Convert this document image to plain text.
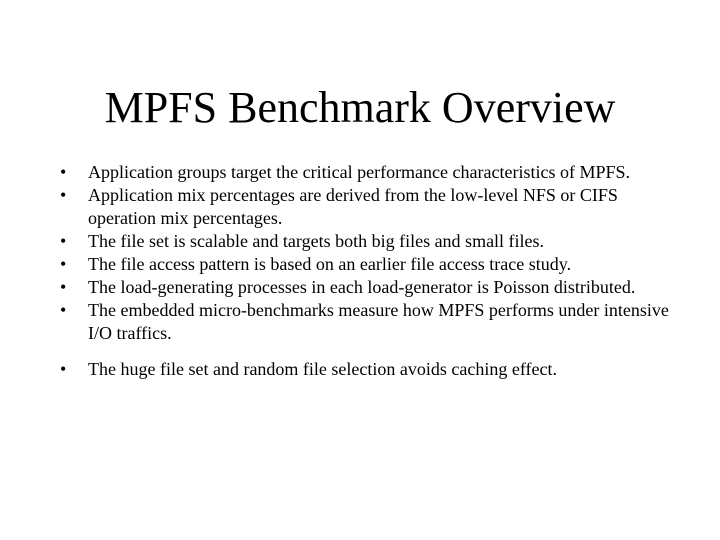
MPFS Benchmark Overview
• Application groups target the critical performance characteristics of MPFS.
• Application mix percentages are derived from the low-level NFS or CIFS operation mix percentages.
• The file set is scalable and targets both big files and small files.
• The file access pattern is based on an earlier file access trace study.
• The load-generating processes in each load-generator is Poisson distributed.
• The embedded micro-benchmarks measure how MPFS performs under intensive I/O traffics.
• The huge file set and random file selection avoids caching effect.
